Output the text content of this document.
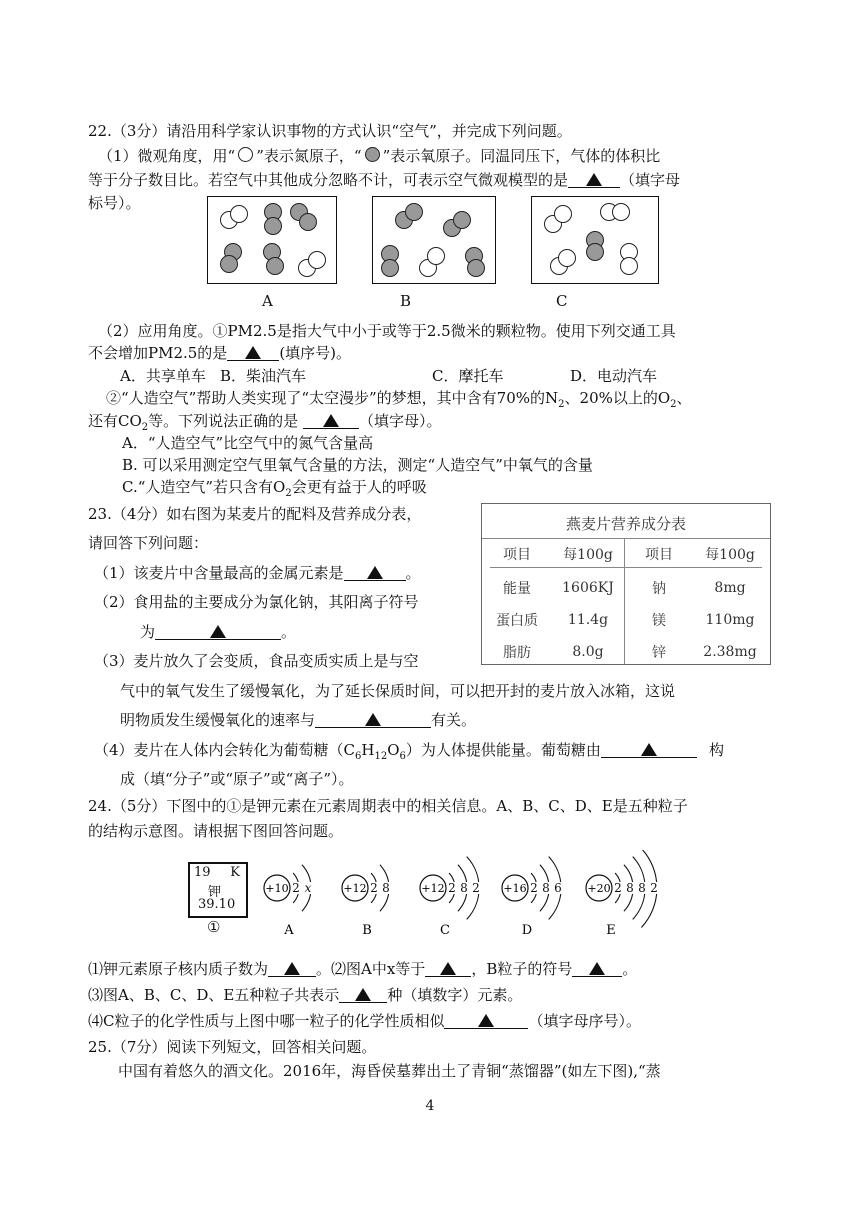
22.（3分）请沿用科学家认识事物的方式认识“空气”，并完成下列问题。
（1）微观角度，用“ ”表示氮原子，“ ”表示氧原子。同温同压下，气体的体积比
等于分子数目比。若空气中其他成分忽略不计，可表示空气微观模型的是	（填字母
标号）。
A	B	C
（2）应用角度。①PM2.5是指大气中小于或等于2.5微米的颗粒物。使用下列交通工具
不会增加PM2.5的是	(填序号)。
A．共享单车 B．柴油汽车	C．摩托车	D．电动汽车
②“人造空气”帮助人类实现了“太空漫步”的梦想，其中含有70%的$N_2$、20%以上的$O_2$、
还有$CO_2$等。下列说法正确的是	（填字母）。
A．“人造空气”比空气中的氮气含量高
B. 可以采用测定空气里氧气含量的方法，测定“人造空气”中氧气的含量
C.“人造空气”若只含有$O_2$会更有益于人的呼吸
23.（4分）如右图为某麦片的配料及营养成分表，
请回答下列问题：
（1）该麦片中含量最高的金属元素是	。
（2）食用盐的主要成分为氯化钠，其阳离子符号
为	。
（3）麦片放久了会变质，食品变质实质上是与空
气中的氧气发生了缓慢氧化，为了延长保质时间，可以把开封的麦片放入冰箱，这说
明物质发生缓慢氧化的速率与	有关。
（4）麦片在人体内会转化为葡萄糖$(C_6H_{12}O_6)$为人体提供能量。葡萄糖由	构
成（填“分子”或“原子”或“离子”）。
燕麦片营养成分表
项目	每100g	项目	每100g
能量	1606KJ	钠	8mg
蛋白质	11.4g	镁	110mg
脂肪	8.0g	锌	2.38mg
24.（5分）下图中的①是钾元素在元素周期表中的相关信息。A、B、C、D、E是五种粒子
的结构示意图。请根据下图回答问题。
19 K
钾
39.10
①
+10 2 x
A
+12 2 8
B
+12 2 8 2
C
+16 2 8 6
D
+20 2 8 8 2
E
⑴钾元素原子核内质子数为	。⑵图A中x等于	，B粒子的符号	。
⑶图A、B、C、D、E五种粒子共表示	种（填数字）元素。
⑷C粒子的化学性质与上图中哪一粒子的化学性质相似	（填字母序号）。
25.（7分）阅读下列短文，回答相关问题。
中国有着悠久的酒文化。2016年，海昏侯墓葬出土了青铜“蒸馏器”(如左下图),“蒸
4
